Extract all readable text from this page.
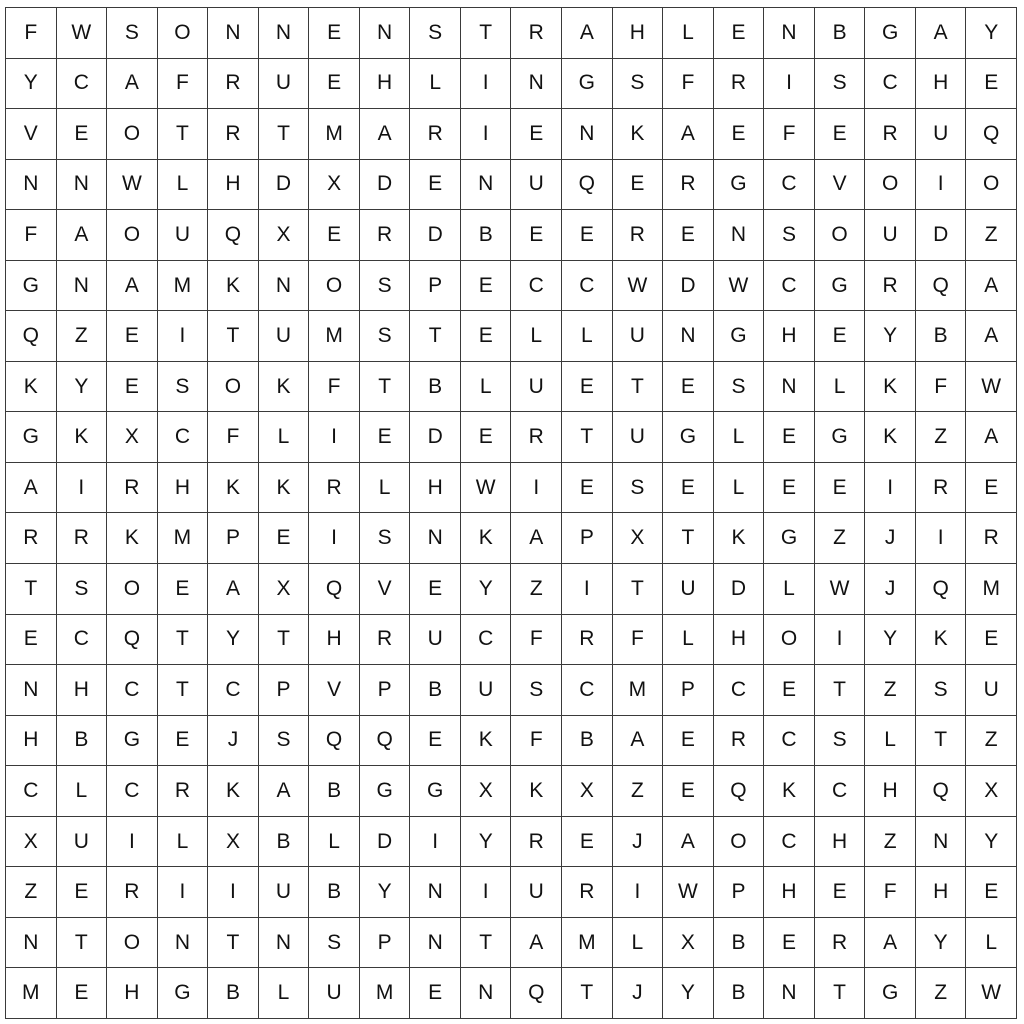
F	W	S	O	N	N	E	N	S	T	R	A	H	L	E	N	B	G	A	Y
Y	C	A	F	R	U	E	H	L	I	N	G	S	F	R	I	S	C	H	E
V	E	O	T	R	T	M	A	R	I	E	N	K	A	E	F	E	R	U	Q
N	N	W	L	H	D	X	D	E	N	U	Q	E	R	G	C	V	O	I	O
F	A	O	U	Q	X	E	R	D	B	E	E	R	E	N	S	O	U	D	Z
G	N	A	M	K	N	O	S	P	E	C	C	W	D	W	C	G	R	Q	A
Q	Z	E	I	T	U	M	S	T	E	L	L	U	N	G	H	E	Y	B	A
K	Y	E	S	O	K	F	T	B	L	U	E	T	E	S	N	L	K	F	W
G	K	X	C	F	L	I	E	D	E	R	T	U	G	L	E	G	K	Z	A
A	I	R	H	K	K	R	L	H	W	I	E	S	E	L	E	E	I	R	E
R	R	K	M	P	E	I	S	N	K	A	P	X	T	K	G	Z	J	I	R
T	S	O	E	A	X	Q	V	E	Y	Z	I	T	U	D	L	W	J	Q	M
E	C	Q	T	Y	T	H	R	U	C	F	R	F	L	H	O	I	Y	K	E
N	H	C	T	C	P	V	P	B	U	S	C	M	P	C	E	T	Z	S	U
H	B	G	E	J	S	Q	Q	E	K	F	B	A	E	R	C	S	L	T	Z
C	L	C	R	K	A	B	G	G	X	K	X	Z	E	Q	K	C	H	Q	X
X	U	I	L	X	B	L	D	I	Y	R	E	J	A	O	C	H	Z	N	Y
Z	E	R	I	I	U	B	Y	N	I	U	R	I	W	P	H	E	F	H	E
N	T	O	N	T	N	S	P	N	T	A	M	L	X	B	E	R	A	Y	L
M	E	H	G	B	L	U	M	E	N	Q	T	J	Y	B	N	T	G	Z	W
